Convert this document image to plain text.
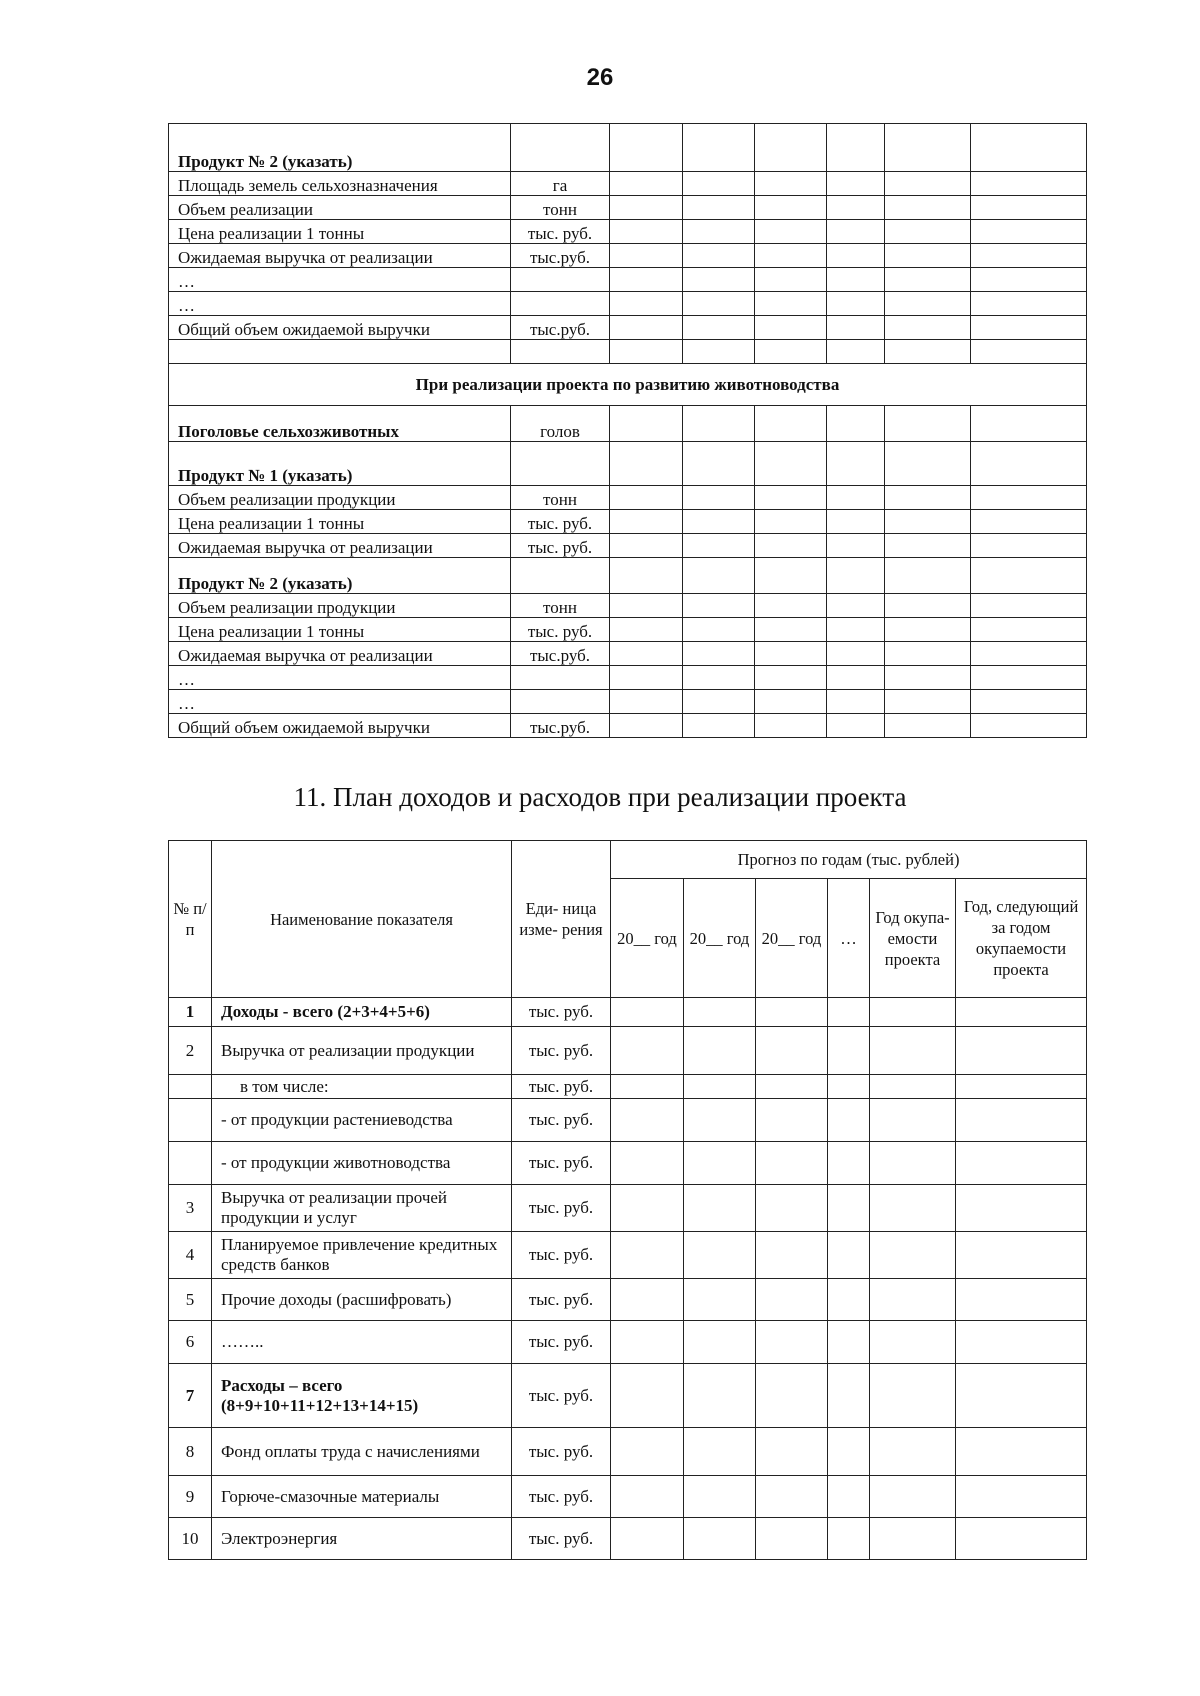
26
Продукт № 2 (указать)							
Площадь земель сельхозназначения	га						
Объем реализации	тонн						
Цена реализации 1 тонны	тыс. руб.						
Ожидаемая выручка от реализации	тыс.руб.						
…							
…							
Общий объем ожидаемой выручки	тыс.руб.						

При реализации проекта по развитию животноводства							
Поголовье сельхозживотных	голов						
Продукт № 1 (указать)							
Объем реализации продукции	тонн						
Цена реализации 1 тонны	тыс. руб.						
Ожидаемая выручка от реализации	тыс. руб.						
Продукт № 2 (указать)							
Объем реализации продукции	тонн						
Цена реализации 1 тонны	тыс. руб.						
Ожидаемая выручка от реализации	тыс.руб.						
…							
…							
Общий объем ожидаемой выручки	тыс.руб.						
11. План доходов и расходов при реализации проекта
№ п/ п	Наименование показателя	Еди- ница изме- рения	Прогноз по годам (тыс. рублей)					
			20__ год	20__ год	20__ год	…	Год окупа- емости проекта	Год, следующий за годом окупаемости проекта
1	Доходы - всего (2+3+4+5+6)	тыс. руб.						
2	Выручка от реализации продукции	тыс. руб.						
	в том числе:	тыс. руб.						
	- от продукции растениеводства	тыс. руб.						
	- от продукции животноводства	тыс. руб.						
3	Выручка от реализации прочей продукции и услуг	тыс. руб.						
4	Планируемое привлечение кредитных средств банков	тыс. руб.						
5	Прочие доходы (расшифровать)	тыс. руб.						
6	……..	тыс. руб.						
7	Расходы – всего (8+9+10+11+12+13+14+15)	тыс. руб.						
8	Фонд оплаты труда с начислениями	тыс. руб.						
9	Горюче-смазочные материалы	тыс. руб.						
10	Электроэнергия	тыс. руб.						
